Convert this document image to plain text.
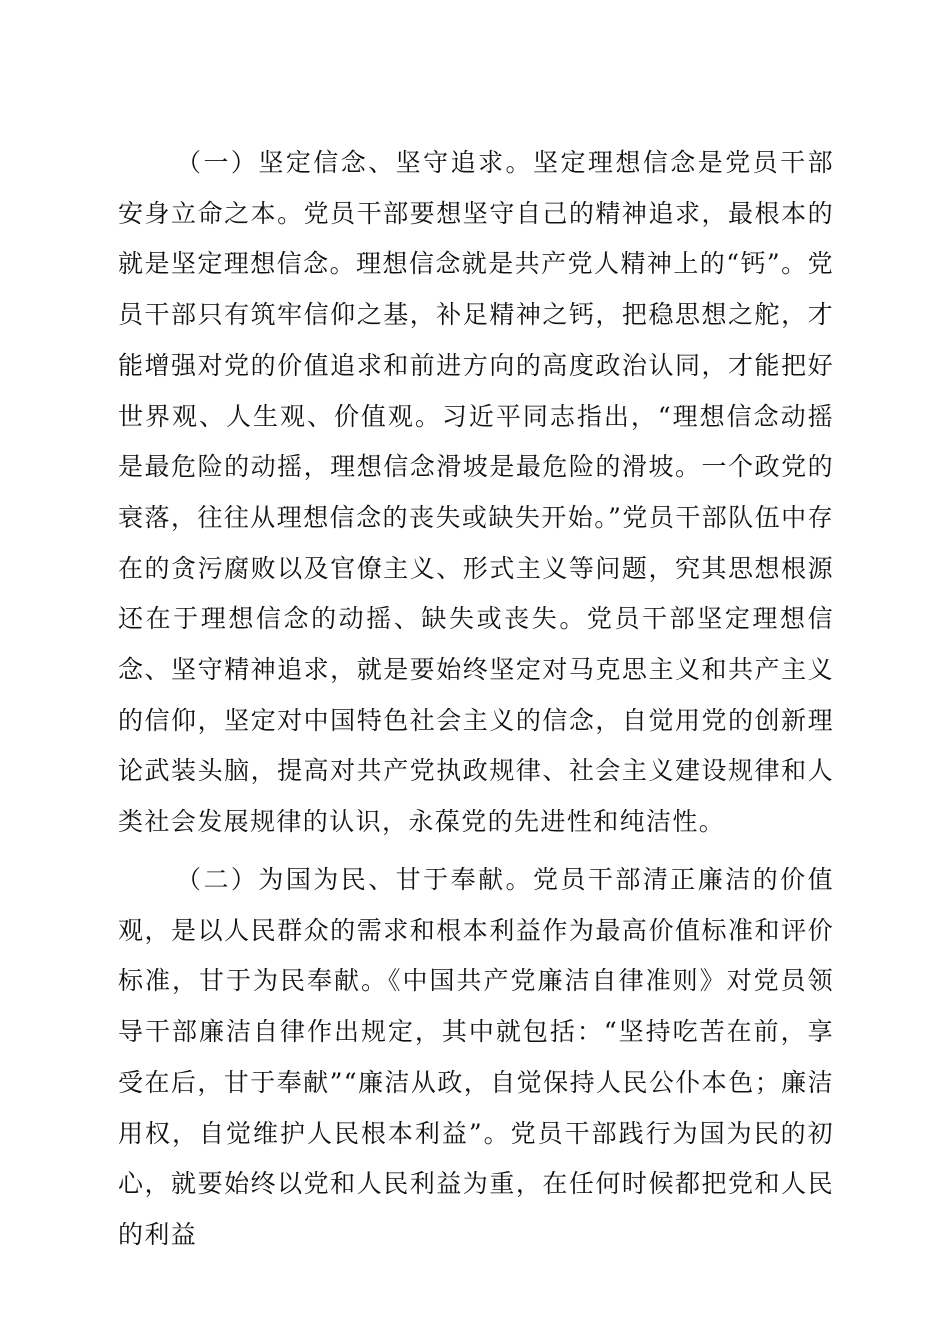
（一）坚定信念、坚守追求。坚定理想信念是党员干部安身立命之本。党员干部要想坚守自己的精神追求，最根本的就是坚定理想信念。理想信念就是共产党人精神上的“钙”。党员干部只有筑牢信仰之基，补足精神之钙，把稳思想之舵，才能增强对党的价值追求和前进方向的高度政治认同，才能把好世界观、人生观、价值观。习近平同志指出，“理想信念动摇是最危险的动摇，理想信念滑坡是最危险的滑坡。一个政党的衰落，往往从理想信念的丧失或缺失开始。”党员干部队伍中存在的贪污腐败以及官僚主义、形式主义等问题，究其思想根源还在于理想信念的动摇、缺失或丧失。党员干部坚定理想信念、坚守精神追求，就是要始终坚定对马克思主义和共产主义的信仰，坚定对中国特色社会主义的信念，自觉用党的创新理论武装头脑，提高对共产党执政规律、社会主义建设规律和人类社会发展规律的认识，永葆党的先进性和纯洁性。

（二）为国为民、甘于奉献。党员干部清正廉洁的价值观，是以人民群众的需求和根本利益作为最高价值标准和评价标准，甘于为民奉献。《中国共产党廉洁自律准则》对党员领导干部廉洁自律作出规定，其中就包括：“坚持吃苦在前，享受在后，甘于奉献”“廉洁从政，自觉保持人民公仆本色；廉洁用权，自觉维护人民根本利益”。党员干部践行为国为民的初心，就要始终以党和人民利益为重，在任何时候都把党和人民的利益
